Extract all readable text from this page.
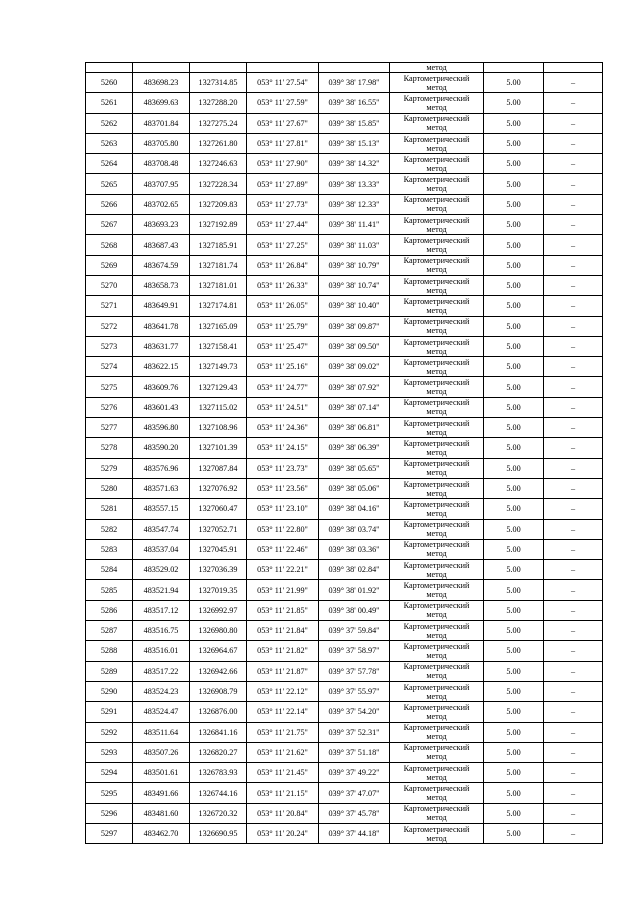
					метод		
5260	483698.23	1327314.85	053° 11' 27.54"	039° 38' 17.98"	Картометрический
метод	5.00	–
5261	483699.63	1327288.20	053° 11' 27.59"	039° 38' 16.55"	Картометрический
метод	5.00	–
5262	483701.84	1327275.24	053° 11' 27.67"	039° 38' 15.85"	Картометрический
метод	5.00	–
5263	483705.80	1327261.80	053° 11' 27.81"	039° 38' 15.13"	Картометрический
метод	5.00	–
5264	483708.48	1327246.63	053° 11' 27.90"	039° 38' 14.32"	Картометрический
метод	5.00	–
5265	483707.95	1327228.34	053° 11' 27.89"	039° 38' 13.33"	Картометрический
метод	5.00	–
5266	483702.65	1327209.83	053° 11' 27.73"	039° 38' 12.33"	Картометрический
метод	5.00	–
5267	483693.23	1327192.89	053° 11' 27.44"	039° 38' 11.41"	Картометрический
метод	5.00	–
5268	483687.43	1327185.91	053° 11' 27.25"	039° 38' 11.03"	Картометрический
метод	5.00	–
5269	483674.59	1327181.74	053° 11' 26.84"	039° 38' 10.79"	Картометрический
метод	5.00	–
5270	483658.73	1327181.01	053° 11' 26.33"	039° 38' 10.74"	Картометрический
метод	5.00	–
5271	483649.91	1327174.81	053° 11' 26.05"	039° 38' 10.40"	Картометрический
метод	5.00	–
5272	483641.78	1327165.09	053° 11' 25.79"	039° 38' 09.87"	Картометрический
метод	5.00	–
5273	483631.77	1327158.41	053° 11' 25.47"	039° 38' 09.50"	Картометрический
метод	5.00	–
5274	483622.15	1327149.73	053° 11' 25.16"	039° 38' 09.02"	Картометрический
метод	5.00	–
5275	483609.76	1327129.43	053° 11' 24.77"	039° 38' 07.92"	Картометрический
метод	5.00	–
5276	483601.43	1327115.02	053° 11' 24.51"	039° 38' 07.14"	Картометрический
метод	5.00	–
5277	483596.80	1327108.96	053° 11' 24.36"	039° 38' 06.81"	Картометрический
метод	5.00	–
5278	483590.20	1327101.39	053° 11' 24.15"	039° 38' 06.39"	Картометрический
метод	5.00	–
5279	483576.96	1327087.84	053° 11' 23.73"	039° 38' 05.65"	Картометрический
метод	5.00	–
5280	483571.63	1327076.92	053° 11' 23.56"	039° 38' 05.06"	Картометрический
метод	5.00	–
5281	483557.15	1327060.47	053° 11' 23.10"	039° 38' 04.16"	Картометрический
метод	5.00	–
5282	483547.74	1327052.71	053° 11' 22.80"	039° 38' 03.74"	Картометрический
метод	5.00	–
5283	483537.04	1327045.91	053° 11' 22.46"	039° 38' 03.36"	Картометрический
метод	5.00	–
5284	483529.02	1327036.39	053° 11' 22.21"	039° 38' 02.84"	Картометрический
метод	5.00	–
5285	483521.94	1327019.35	053° 11' 21.99"	039° 38' 01.92"	Картометрический
метод	5.00	–
5286	483517.12	1326992.97	053° 11' 21.85"	039° 38' 00.49"	Картометрический
метод	5.00	–
5287	483516.75	1326980.80	053° 11' 21.84"	039° 37' 59.84"	Картометрический
метод	5.00	–
5288	483516.01	1326964.67	053° 11' 21.82"	039° 37' 58.97"	Картометрический
метод	5.00	–
5289	483517.22	1326942.66	053° 11' 21.87"	039° 37' 57.78"	Картометрический
метод	5.00	–
5290	483524.23	1326908.79	053° 11' 22.12"	039° 37' 55.97"	Картометрический
метод	5.00	–
5291	483524.47	1326876.00	053° 11' 22.14"	039° 37' 54.20"	Картометрический
метод	5.00	–
5292	483511.64	1326841.16	053° 11' 21.75"	039° 37' 52.31"	Картометрический
метод	5.00	–
5293	483507.26	1326820.27	053° 11' 21.62"	039° 37' 51.18"	Картометрический
метод	5.00	–
5294	483501.61	1326783.93	053° 11' 21.45"	039° 37' 49.22"	Картометрический
метод	5.00	–
5295	483491.66	1326744.16	053° 11' 21.15"	039° 37' 47.07"	Картометрический
метод	5.00	–
5296	483481.60	1326720.32	053° 11' 20.84"	039° 37' 45.78"	Картометрический
метод	5.00	–
5297	483462.70	1326690.95	053° 11' 20.24"	039° 37' 44.18"	Картометрический
метод	5.00	–
